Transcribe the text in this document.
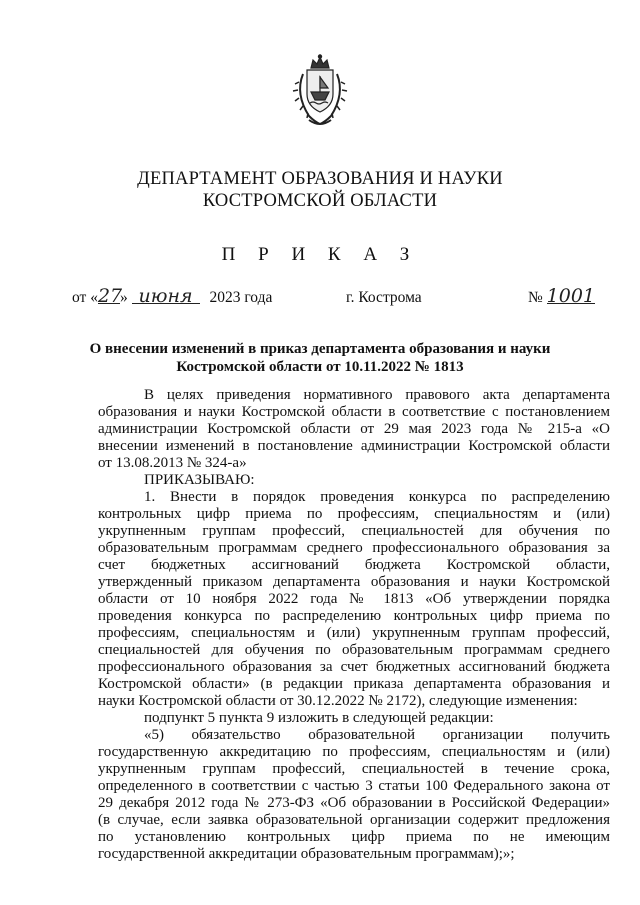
ДЕПАРТАМЕНТ ОБРАЗОВАНИЯ И НАУКИ
КОСТРОМСКОЙ ОБЛАСТИ
П Р И К А З
от «27» июня 2023 года	г. Кострома	№ 1001
О внесении изменений в приказ департамента образования и науки
Костромской области от 10.11.2022 № 1813

В целях приведения нормативного правового акта департамента

образования и науки Костромской области в соответствие с постановлением

администрации Костромской области от 29 мая 2023 года № 215-а «О

внесении изменений в постановление администрации Костромской области

от 13.08.2013 № 324-а»

ПРИКАЗЫВАЮ:

1. Внести в порядок проведения конкурса по распределению

контрольных цифр приема по профессиям, специальностям и (или)

укрупненным группам профессий, специальностей для обучения по

образовательным программам среднего профессионального образования за

счет бюджетных ассигнований бюджета Костромской области,

утвержденный приказом департамента образования и науки Костромской

области от 10 ноября 2022 года № 1813 «Об утверждении порядка

проведения конкурса по распределению контрольных цифр приема по

профессиям, специальностям и (или) укрупненным группам профессий,

специальностей для обучения по образовательным программам среднего

профессионального образования за счет бюджетных ассигнований бюджета

Костромской области» (в редакции приказа департамента образования и

науки Костромской области от 30.12.2022 № 2172), следующие изменения:

подпункт 5 пункта 9 изложить в следующей редакции:

«5) обязательство образовательной организации получить

государственную аккредитацию по профессиям, специальностям и (или)

укрупненным группам профессий, специальностей в течение срока,

определенного в соответствии с частью 3 статьи 100 Федерального закона от

29 декабря 2012 года № 273-ФЗ «Об образовании в Российской Федерации»

(в случае, если заявка образовательной организации содержит предложения

по установлению контрольных цифр приема по не имеющим

государственной аккредитации образовательным программам);»;
